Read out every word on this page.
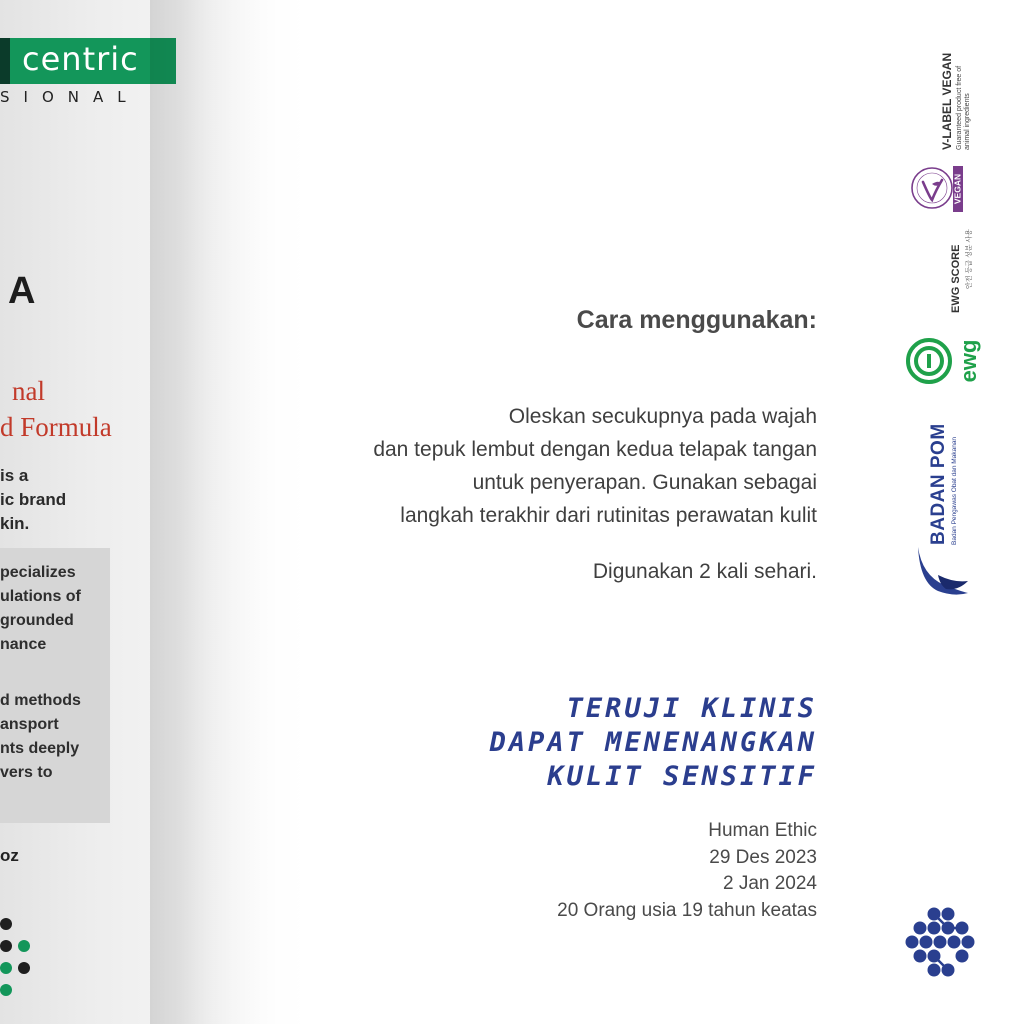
centric
SIONAL
A
nal
d Formula
is a
ic brand
kin.
pecializes
ulations of
grounded
nance
d methods
ansport
nts deeply
vers to
oz
Cara menggunakan:
Oleskan secukupnya pada wajah
dan tepuk lembut dengan kedua telapak tangan
untuk penyerapan. Gunakan sebagai
langkah terakhir dari rutinitas perawatan kulit
Digunakan 2 kali sehari.
TERUJI KLINIS
DAPAT MENENANGKAN
KULIT SENSITIF
Human Ethic
29 Des 2023
2 Jan 2024
20 Orang usia 19 tahun keatas
V-LABEL VEGAN Guaranteed product free of animal ingredients
VEGAN
EWG SCORE 안전 등급 성분 사용
ewg
BADAN POM Badan Pengawas Obat dan Makanan
